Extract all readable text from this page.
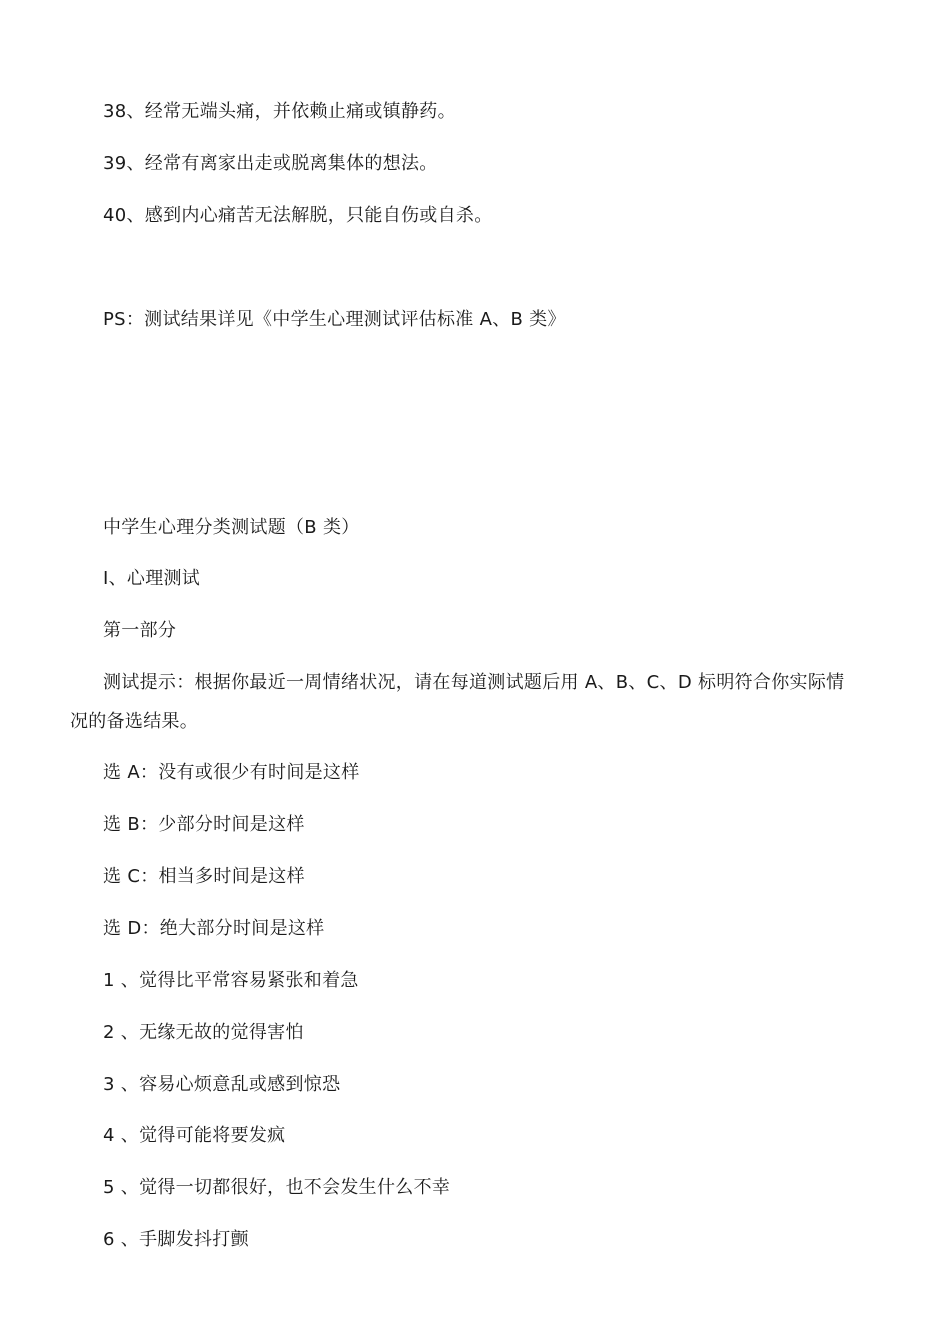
38、经常无端头痛，并依赖止痛或镇静药。
39、经常有离家出走或脱离集体的想法。
40、感到内心痛苦无法解脱，只能自伤或自杀。
PS：测试结果详见《中学生心理测试评估标准 A、B 类》
中学生心理分类测试题（B 类）
I、心理测试
第一部分
测试提示：根据你最近一周情绪状况，请在每道测试题后用 A、B、C、D 标明符合你实际情
况的备选结果。
选 A：没有或很少有时间是这样
选 B：少部分时间是这样
选 C：相当多时间是这样
选 D：绝大部分时间是这样
1 、觉得比平常容易紧张和着急
2 、无缘无故的觉得害怕
3 、容易心烦意乱或感到惊恐
4 、觉得可能将要发疯
5 、觉得一切都很好，也不会发生什么不幸
6 、手脚发抖打颤
